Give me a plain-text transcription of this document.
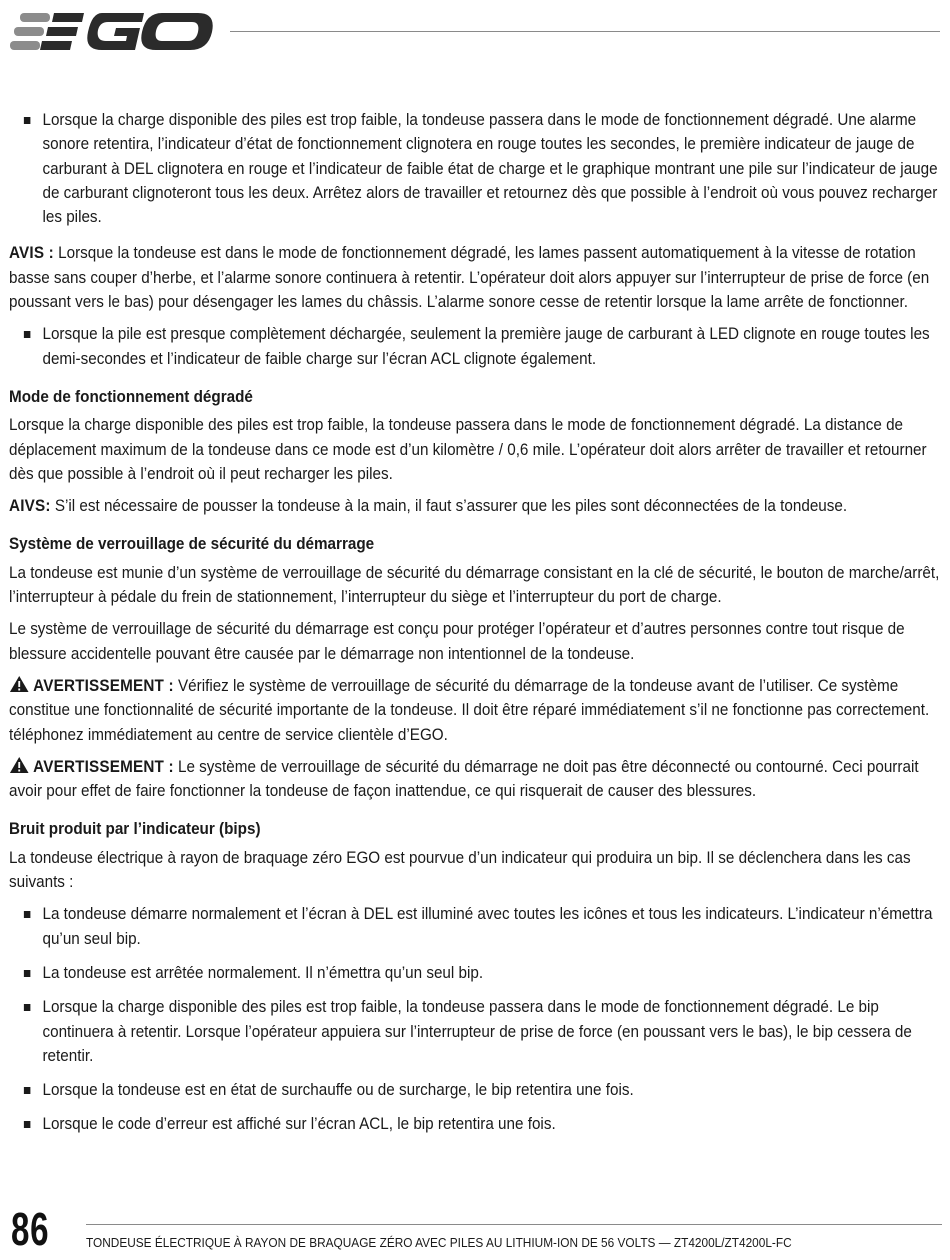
Lorsque la charge disponible des piles est trop faible, la tondeuse passera dans le mode de fonctionnement dégradé. Une alarme sonore retentira, l’indicateur d’état de fonctionnement clignotera en rouge toutes les secondes, le première indicateur de jauge de carburant à DEL clignotera en rouge et l’indicateur de faible état de charge et le graphique montrant une pile sur l’indicateur de jauge de carburant clignoteront tous les deux. Arrêtez alors de travailler et retournez dès que possible à l’endroit où vous pouvez recharger les piles.

AVIS : Lorsque la tondeuse est dans le mode de fonctionnement dégradé, les lames passent automatiquement à la vitesse de rotation basse sans couper d’herbe, et l’alarme sonore continuera à retentir. L’opérateur doit alors appuyer sur l’interrupteur de prise de force (en poussant vers le bas) pour désengager les lames du châssis. L’alarme sonore cesse de retentir lorsque la lame arrête de fonctionner.

Lorsque la pile est presque complètement déchargée, seulement la première jauge de carburant à LED clignote en rouge toutes les demi-secondes et l’indicateur de faible charge sur l’écran ACL clignote également.

Mode de fonctionnement dégradé

Lorsque la charge disponible des piles est trop faible, la tondeuse passera dans le mode de fonctionnement dégradé. La distance de déplacement maximum de la tondeuse dans ce mode est d’un kilomètre / 0,6 mile. L’opérateur doit alors arrêter de travailler et retourner dès que possible à l’endroit où il peut recharger les piles.

AIVS: S’il est nécessaire de pousser la tondeuse à la main, il faut s’assurer que les piles sont déconnectées de la tondeuse.

Système de verrouillage de sécurité du démarrage

La tondeuse est munie d’un système de verrouillage de sécurité du démarrage consistant en la clé de sécurité, le bouton de marche/arrêt, l’interrupteur à pédale du frein de stationnement, l’interrupteur du siège et l’interrupteur du port de charge.

Le système de verrouillage de sécurité du démarrage est conçu pour protéger l’opérateur et d’autres personnes contre tout risque de blessure accidentelle pouvant être causée par le démarrage non intentionnel de la tondeuse.

AVERTISSEMENT : Vérifiez le système de verrouillage de sécurité du démarrage de la tondeuse avant de l’utiliser. Ce système constitue une fonctionnalité de sécurité importante de la tondeuse. Il doit être réparé immédiatement s’il ne fonctionne pas correctement. téléphonez immédiatement au centre de service clientèle d’EGO.

AVERTISSEMENT : Le système de verrouillage de sécurité du démarrage ne doit pas être déconnecté ou contourné. Ceci pourrait avoir pour effet de faire fonctionner la tondeuse de façon inattendue, ce qui risquerait de causer des blessures.

Bruit produit par l’indicateur (bips)

La tondeuse électrique à rayon de braquage zéro EGO est pourvue d’un indicateur qui produira un bip. Il se déclenchera dans les cas suivants :

La tondeuse démarre normalement et l’écran à DEL est illuminé avec toutes les icônes et tous les indicateurs. L’indicateur n’émettra qu’un seul bip.

La tondeuse est arrêtée normalement. Il n’émettra qu’un seul bip.

Lorsque la charge disponible des piles est trop faible, la tondeuse passera dans le mode de fonctionnement dégradé. Le bip continuera à retentir. Lorsque l’opérateur appuiera sur l’interrupteur de prise de force (en poussant vers le bas), le bip cessera de retentir.

Lorsque la tondeuse est en état de surchauffe ou de surcharge, le bip retentira une fois.

Lorsque le code d’erreur est affiché sur l’écran ACL, le bip retentira une fois.

86	TONDEUSE ÉLECTRIQUE À RAYON DE BRAQUAGE ZÉRO AVEC PILES AU LITHIUM-ION DE 56 VOLTS — ZT4200L/ZT4200L-FC
